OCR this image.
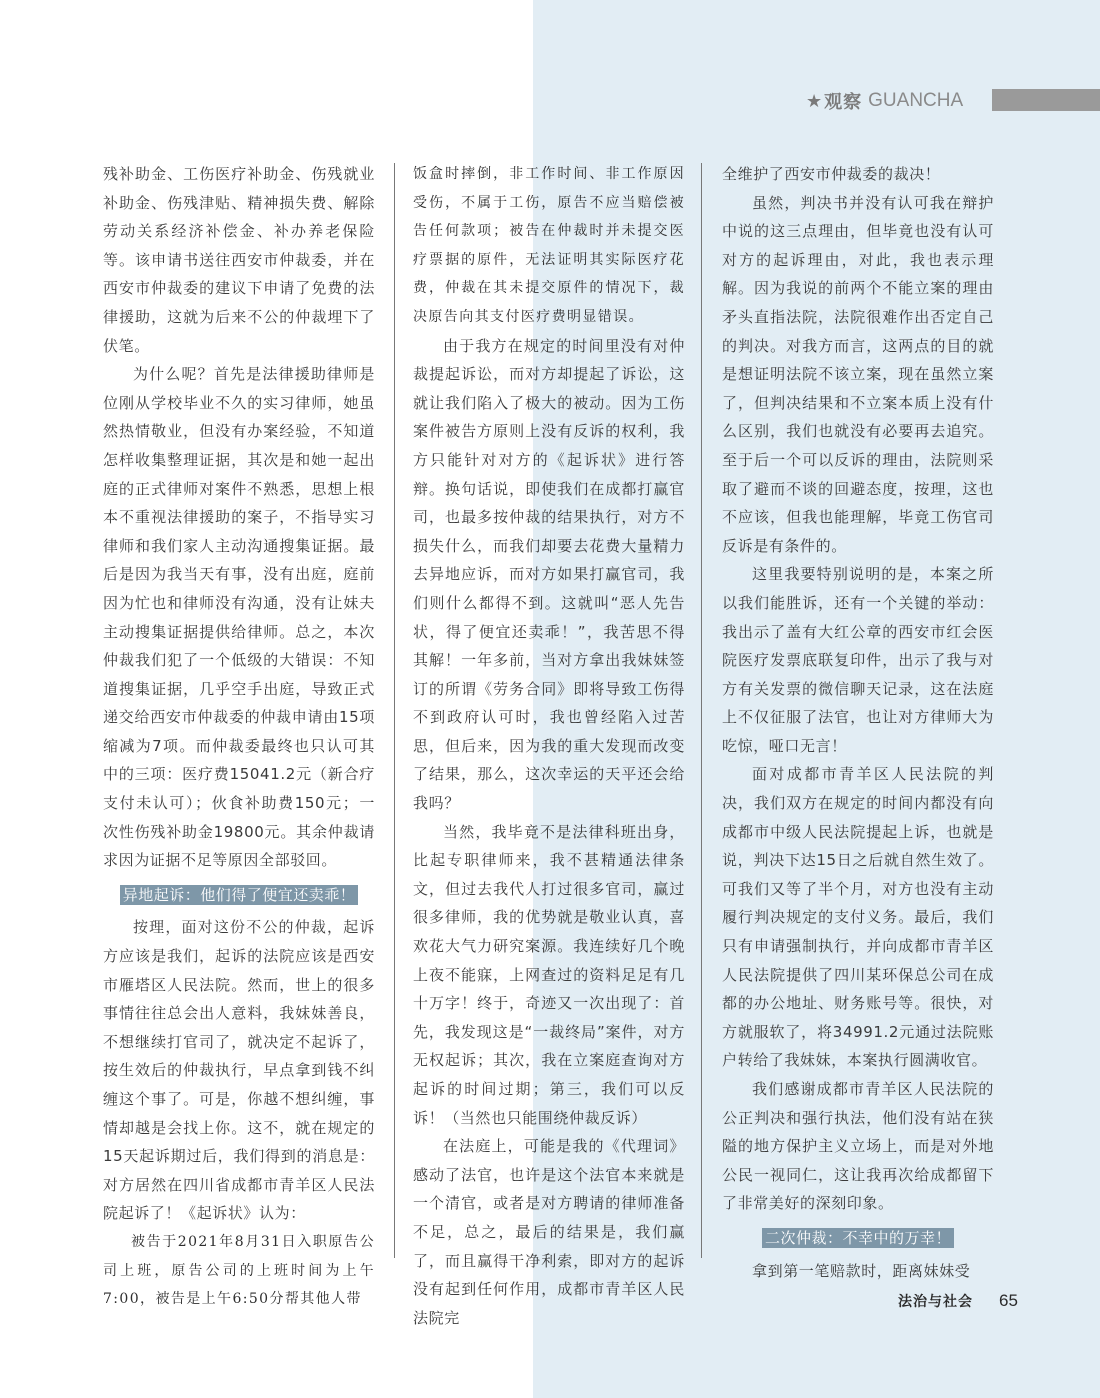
★ 观察 GUANCHA

残补助金、工伤医疗补助金、伤残就业补助金、伤残津贴、精神损失费、解除劳动关系经济补偿金、补办养老保险等。该申请书送往西安市仲裁委，并在西安市仲裁委的建议下申请了免费的法律援助，这就为后来不公的仲裁埋下了伏笔。

为什么呢？首先是法律援助律师是位刚从学校毕业不久的实习律师，她虽然热情敬业，但没有办案经验，不知道怎样收集整理证据，其次是和她一起出庭的正式律师对案件不熟悉，思想上根本不重视法律援助的案子，不指导实习律师和我们家人主动沟通搜集证据。最后是因为我当天有事，没有出庭，庭前因为忙也和律师没有沟通，没有让妹夫主动搜集证据提供给律师。总之，本次仲裁我们犯了一个低级的大错误：不知道搜集证据，几乎空手出庭，导致正式递交给西安市仲裁委的仲裁申请由15项缩减为7项。而仲裁委最终也只认可其中的三项：医疗费15041.2元（新合疗支付未认可）；伙食补助费150元；一次性伤残补助金19800元。其余仲裁请求因为证据不足等原因全部驳回。

异地起诉：他们得了便宜还卖乖！

按理，面对这份不公的仲裁，起诉方应该是我们，起诉的法院应该是西安市雁塔区人民法院。然而，世上的很多事情往往总会出人意料，我妹妹善良，不想继续打官司了，就决定不起诉了，按生效后的仲裁执行，早点拿到钱不纠缠这个事了。可是，你越不想纠缠，事情却越是会找上你。这不，就在规定的15天起诉期过后，我们得到的消息是：对方居然在四川省成都市青羊区人民法院起诉了！《起诉状》认为：

被告于2021年8月31日入职原告公司上班，原告公司的上班时间为上午7:00，被告是上午6:50分帮其他人带

饭盒时摔倒，非工作时间、非工作原因受伤，不属于工伤，原告不应当赔偿被告任何款项；被告在仲裁时并未提交医疗票据的原件，无法证明其实际医疗花费，仲裁在其未提交原件的情况下，裁决原告向其支付医疗费明显错误。

由于我方在规定的时间里没有对仲裁提起诉讼，而对方却提起了诉讼，这就让我们陷入了极大的被动。因为工伤案件被告方原则上没有反诉的权利，我方只能针对对方的《起诉状》进行答辩。换句话说，即使我们在成都打赢官司，也最多按仲裁的结果执行，对方不损失什么，而我们却要去花费大量精力去异地应诉，而对方如果打赢官司，我们则什么都得不到。这就叫“恶人先告状，得了便宜还卖乖！”，我苦思不得其解！一年多前，当对方拿出我妹妹签订的所谓《劳务合同》即将导致工伤得不到政府认可时，我也曾经陷入过苦思，但后来，因为我的重大发现而改变了结果，那么，这次幸运的天平还会给我吗？

当然，我毕竟不是法律科班出身，比起专职律师来，我不甚精通法律条文，但过去我代人打过很多官司，赢过很多律师，我的优势就是敬业认真，喜欢花大气力研究案源。我连续好几个晚上夜不能寐，上网查过的资料足足有几十万字！终于，奇迹又一次出现了：首先，我发现这是“一裁终局”案件，对方无权起诉；其次，我在立案庭查询对方起诉的时间过期；第三，我们可以反诉！（当然也只能围绕仲裁反诉）

在法庭上，可能是我的《代理词》感动了法官，也许是这个法官本来就是一个清官，或者是对方聘请的律师准备不足，总之，最后的结果是，我们赢了，而且赢得干净利索，即对方的起诉没有起到任何作用，成都市青羊区人民法院完

全维护了西安市仲裁委的裁决！

虽然，判决书并没有认可我在辩护中说的这三点理由，但毕竟也没有认可对方的起诉理由，对此，我也表示理解。因为我说的前两个不能立案的理由矛头直指法院，法院很难作出否定自己的判决。对我方而言，这两点的目的就是想证明法院不该立案，现在虽然立案了，但判决结果和不立案本质上没有什么区别，我们也就没有必要再去追究。至于后一个可以反诉的理由，法院则采取了避而不谈的回避态度，按理，这也不应该，但我也能理解，毕竟工伤官司反诉是有条件的。

这里我要特别说明的是，本案之所以我们能胜诉，还有一个关键的举动：我出示了盖有大红公章的西安市红会医院医疗发票底联复印件，出示了我与对方有关发票的微信聊天记录，这在法庭上不仅征服了法官，也让对方律师大为吃惊，哑口无言！

面对成都市青羊区人民法院的判决，我们双方在规定的时间内都没有向成都市中级人民法院提起上诉，也就是说，判决下达15日之后就自然生效了。可我们又等了半个月，对方也没有主动履行判决规定的支付义务。最后，我们只有申请强制执行，并向成都市青羊区人民法院提供了四川某环保总公司在成都的办公地址、财务账号等。很快，对方就服软了，将34991.2元通过法院账户转给了我妹妹，本案执行圆满收官。

我们感谢成都市青羊区人民法院的公正判决和强行执法，他们没有站在狭隘的地方保护主义立场上，而是对外地公民一视同仁，这让我再次给成都留下了非常美好的深刻印象。

二次仲裁：不幸中的万幸！

拿到第一笔赔款时，距离妹妹受

法治与社会 65
